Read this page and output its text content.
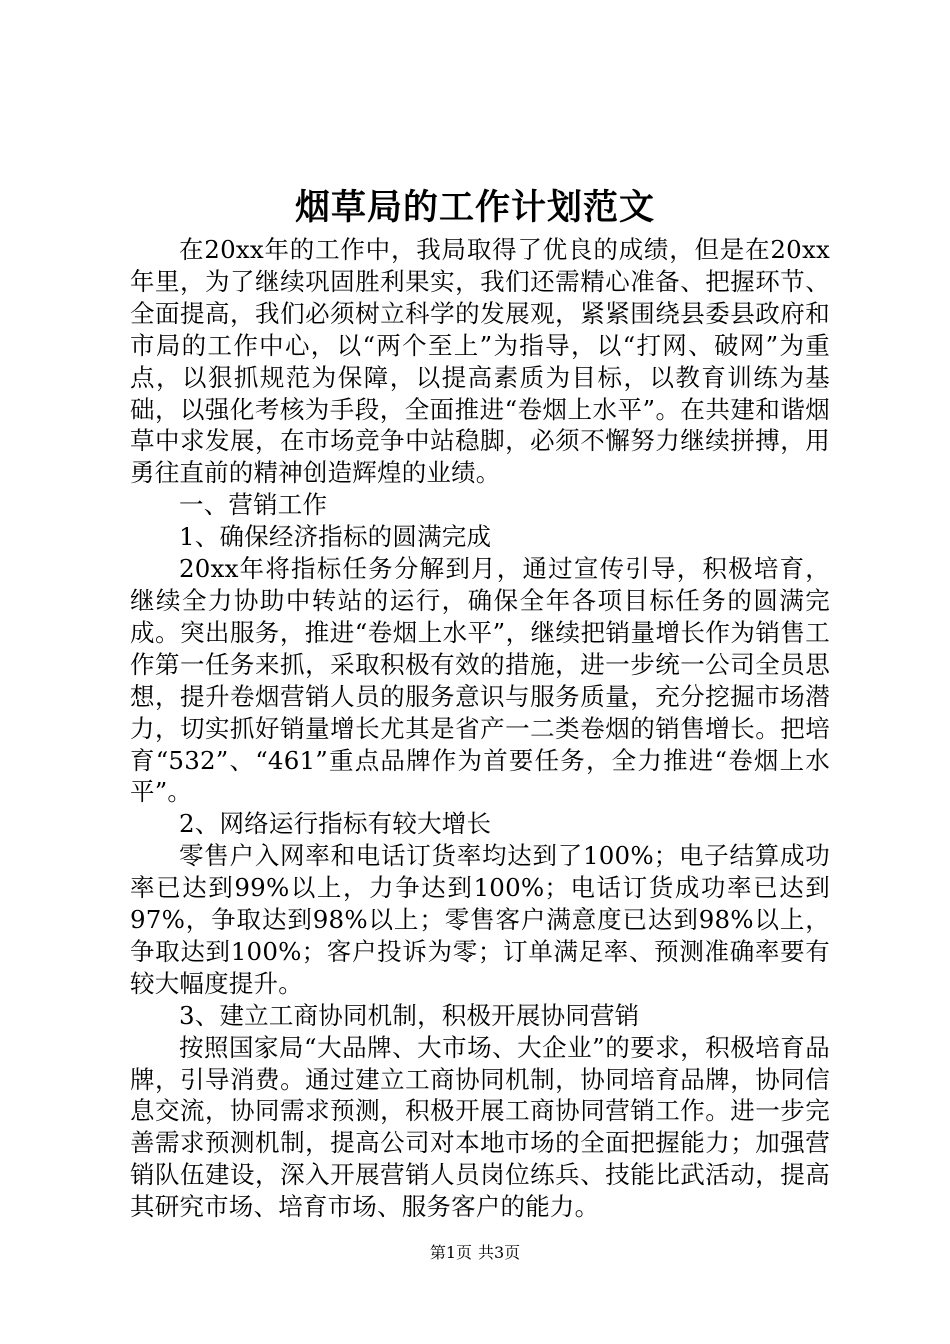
烟草局的工作计划范文

在20xx年的工作中，我局取得了优良的成绩，但是在20xx年里，为了继续巩固胜利果实，我们还需精心准备、把握环节、全面提高，我们必须树立科学的发展观，紧紧围绕县委县政府和市局的工作中心，以“两个至上”为指导，以“打网、破网”为重点，以狠抓规范为保障，以提高素质为目标，以教育训练为基础，以强化考核为手段，全面推进“卷烟上水平”。在共建和谐烟草中求发展，在市场竞争中站稳脚，必须不懈努力继续拼搏，用勇往直前的精神创造辉煌的业绩。

一、营销工作

1、确保经济指标的圆满完成

20xx年将指标任务分解到月，通过宣传引导，积极培育，继续全力协助中转站的运行，确保全年各项目标任务的圆满完成。突出服务，推进“卷烟上水平”，继续把销量增长作为销售工作第一任务来抓，采取积极有效的措施，进一步统一公司全员思想，提升卷烟营销人员的服务意识与服务质量，充分挖掘市场潜力，切实抓好销量增长尤其是省产一二类卷烟的销售增长。把培育“532”、“461”重点品牌作为首要任务，全力推进“卷烟上水平”。

2、网络运行指标有较大增长

零售户入网率和电话订货率均达到了100%；电子结算成功率已达到99%以上，力争达到100%；电话订货成功率已达到97%，争取达到98%以上；零售客户满意度已达到98%以上，争取达到100%；客户投诉为零；订单满足率、预测准确率要有较大幅度提升。

3、建立工商协同机制，积极开展协同营销

按照国家局“大品牌、大市场、大企业”的要求，积极培育品牌，引导消费。通过建立工商协同机制，协同培育品牌，协同信息交流，协同需求预测，积极开展工商协同营销工作。进一步完善需求预测机制，提高公司对本地市场的全面把握能力；加强营销队伍建设，深入开展营销人员岗位练兵、技能比武活动，提高其研究市场、培育市场、服务客户的能力。

第1页 共3页
